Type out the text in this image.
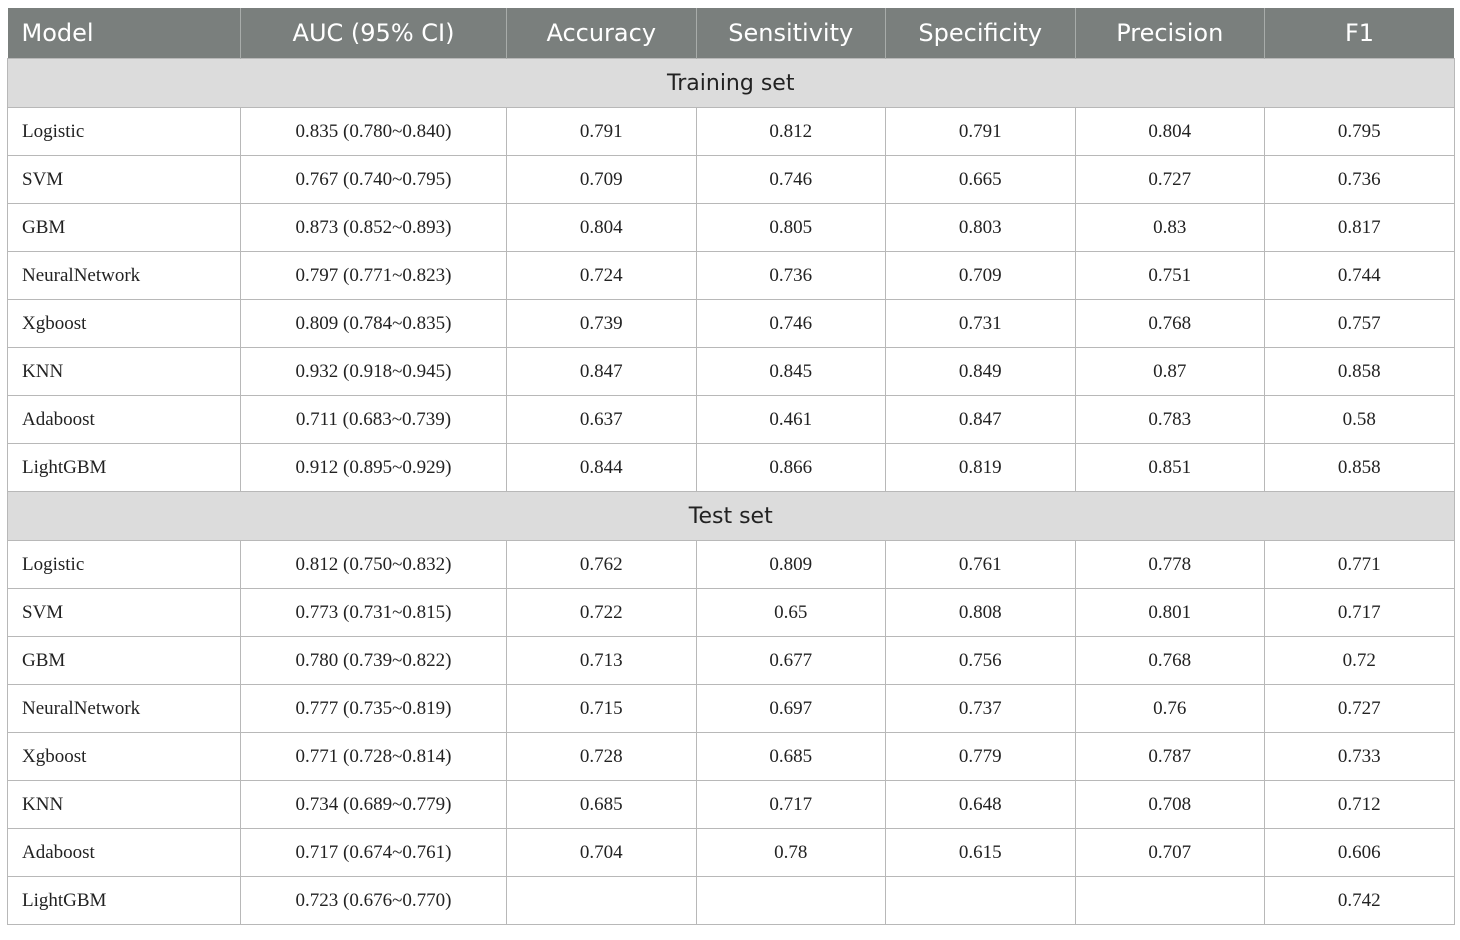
Model	AUC (95% CI)	Accuracy	Sensitivity	Specificity	Precision	F1
Training set						
Logistic	0.835 (0.780~0.840)	0.791	0.812	0.791	0.804	0.795
SVM	0.767 (0.740~0.795)	0.709	0.746	0.665	0.727	0.736
GBM	0.873 (0.852~0.893)	0.804	0.805	0.803	0.83	0.817
NeuralNetwork	0.797 (0.771~0.823)	0.724	0.736	0.709	0.751	0.744
Xgboost	0.809 (0.784~0.835)	0.739	0.746	0.731	0.768	0.757
KNN	0.932 (0.918~0.945)	0.847	0.845	0.849	0.87	0.858
Adaboost	0.711 (0.683~0.739)	0.637	0.461	0.847	0.783	0.58
LightGBM	0.912 (0.895~0.929)	0.844	0.866	0.819	0.851	0.858
Test set						
Logistic	0.812 (0.750~0.832)	0.762	0.809	0.761	0.778	0.771
SVM	0.773 (0.731~0.815)	0.722	0.65	0.808	0.801	0.717
GBM	0.780 (0.739~0.822)	0.713	0.677	0.756	0.768	0.72
NeuralNetwork	0.777 (0.735~0.819)	0.715	0.697	0.737	0.76	0.727
Xgboost	0.771 (0.728~0.814)	0.728	0.685	0.779	0.787	0.733
KNN	0.734 (0.689~0.779)	0.685	0.717	0.648	0.708	0.712
Adaboost	0.717 (0.674~0.761)	0.704	0.78	0.615	0.707	0.606
LightGBM	0.723 (0.676~0.770)					0.742
